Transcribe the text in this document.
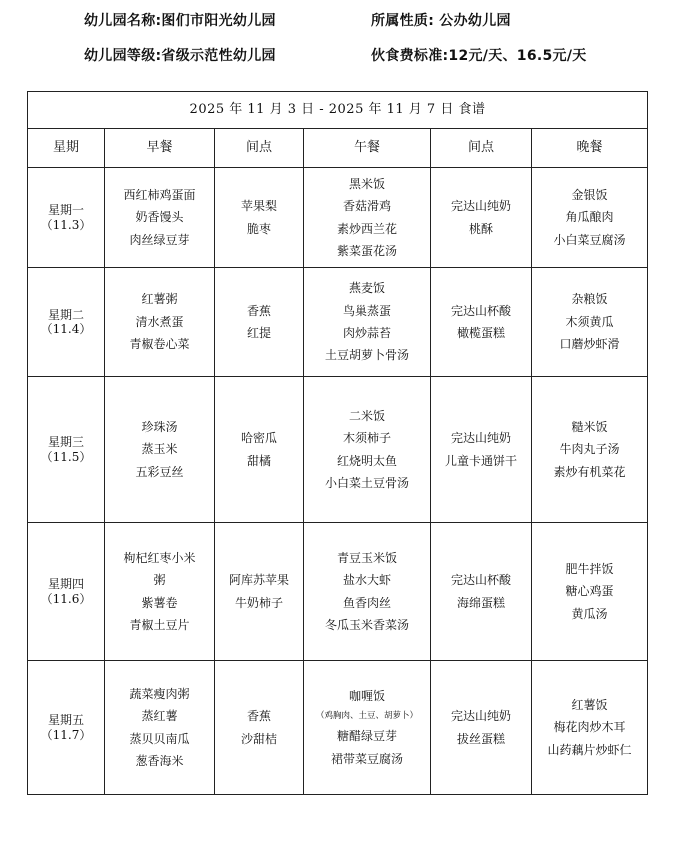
幼儿园名称:图们市阳光幼儿园	所属性质: 公办幼儿园
幼儿园等级:省级示范性幼儿园	伙食费标准:12元/天、16.5元/天
2025 年 11 月 3 日 - 2025 年 11 月 7 日 食谱					
星期	早餐	间点	午餐	间点	晚餐

星期一
（11.3）	西红柿鸡蛋面
奶香馒头
肉丝绿豆芽	苹果梨
脆枣	黑米饭
香菇滑鸡
素炒西兰花
紫菜蛋花汤	完达山纯奶
桃酥	金银饭
角瓜酿肉
小白菜豆腐汤

星期二
（11.4）	红薯粥
清水煮蛋
青椒卷心菜	香蕉
红提	燕麦饭
鸟巢蒸蛋
肉炒蒜苔
土豆胡萝卜骨汤	完达山杯酸
橄榄蛋糕	杂粮饭
木须黄瓜
口蘑炒虾滑

星期三
（11.5）	珍珠汤
蒸玉米
五彩豆丝	哈密瓜
甜橘	二米饭
木须柿子
红烧明太鱼
小白菜土豆骨汤	完达山纯奶
儿童卡通饼干	糙米饭
牛肉丸子汤
素炒有机菜花

星期四
（11.6）	枸杞红枣小米
粥
紫薯卷
青椒土豆片	阿库苏苹果
牛奶柿子	青豆玉米饭
盐水大虾
鱼香肉丝
冬瓜玉米香菜汤	完达山杯酸
海绵蛋糕	肥牛拌饭
糖心鸡蛋
黄瓜汤

星期五
（11.7）	蔬菜瘦肉粥
蒸红薯
蒸贝贝南瓜
葱香海米	香蕉
沙甜桔	咖喱饭
（鸡胸肉、土豆、胡萝卜）
糖醋绿豆芽
裙带菜豆腐汤	完达山纯奶
拔丝蛋糕	红薯饭
梅花肉炒木耳
山药藕片炒虾仁
